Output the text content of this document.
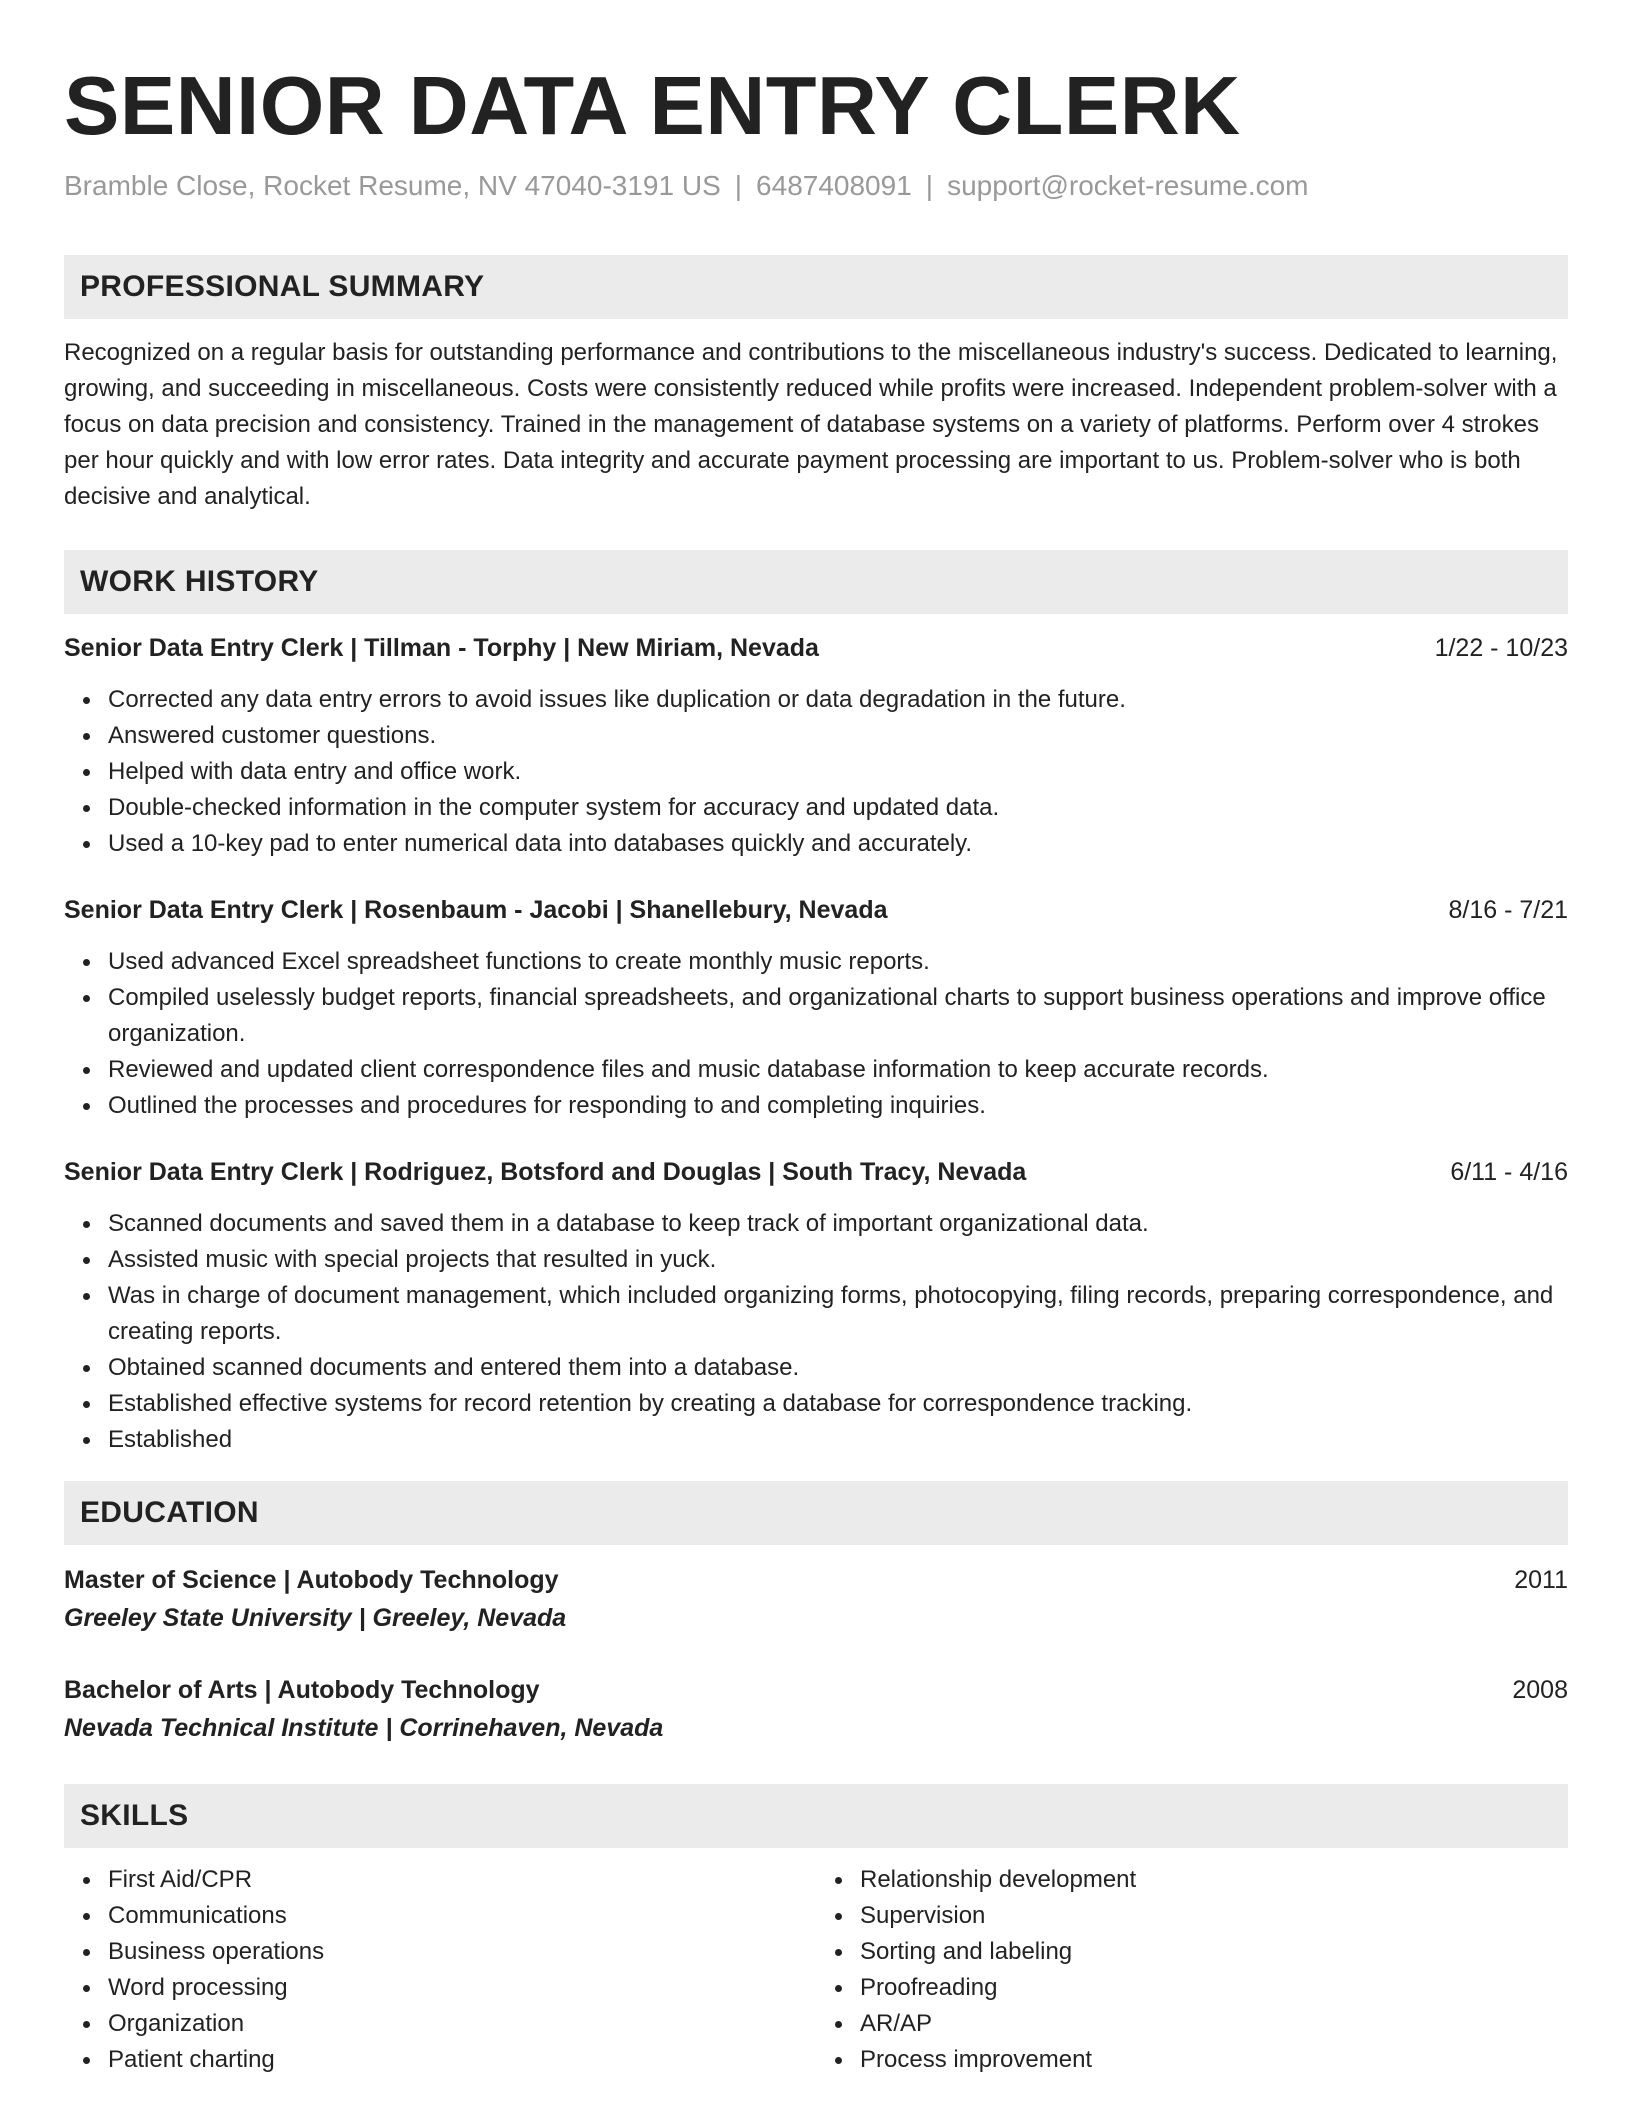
SENIOR DATA ENTRY CLERK
Bramble Close, Rocket Resume, NV 47040-3191 US | 6487408091 | support@rocket-resume.com
PROFESSIONAL SUMMARY
Recognized on a regular basis for outstanding performance and contributions to the miscellaneous industry's success. Dedicated to learning, growing, and succeeding in miscellaneous. Costs were consistently reduced while profits were increased. Independent problem-solver with a focus on data precision and consistency. Trained in the management of database systems on a variety of platforms. Perform over 4 strokes per hour quickly and with low error rates. Data integrity and accurate payment processing are important to us. Problem-solver who is both decisive and analytical.
WORK HISTORY
Senior Data Entry Clerk | Tillman - Torphy | New Miriam, Nevada	1/22 - 10/23
Corrected any data entry errors to avoid issues like duplication or data degradation in the future.
Answered customer questions.
Helped with data entry and office work.
Double-checked information in the computer system for accuracy and updated data.
Used a 10-key pad to enter numerical data into databases quickly and accurately.
Senior Data Entry Clerk | Rosenbaum - Jacobi | Shanellebury, Nevada	8/16 - 7/21
Used advanced Excel spreadsheet functions to create monthly music reports.
Compiled uselessly budget reports, financial spreadsheets, and organizational charts to support business operations and improve office organization.
Reviewed and updated client correspondence files and music database information to keep accurate records.
Outlined the processes and procedures for responding to and completing inquiries.
Senior Data Entry Clerk | Rodriguez, Botsford and Douglas | South Tracy, Nevada	6/11 - 4/16
Scanned documents and saved them in a database to keep track of important organizational data.
Assisted music with special projects that resulted in yuck.
Was in charge of document management, which included organizing forms, photocopying, filing records, preparing correspondence, and creating reports.
Obtained scanned documents and entered them into a database.
Established effective systems for record retention by creating a database for correspondence tracking.
Established
EDUCATION
Master of Science | Autobody Technology	2011
Greeley State University | Greeley, Nevada
Bachelor of Arts | Autobody Technology	2008
Nevada Technical Institute | Corrinehaven, Nevada
SKILLS
First Aid/CPR
Communications
Business operations
Word processing
Organization
Patient charting
Relationship development
Supervision
Sorting and labeling
Proofreading
AR/AP
Process improvement
